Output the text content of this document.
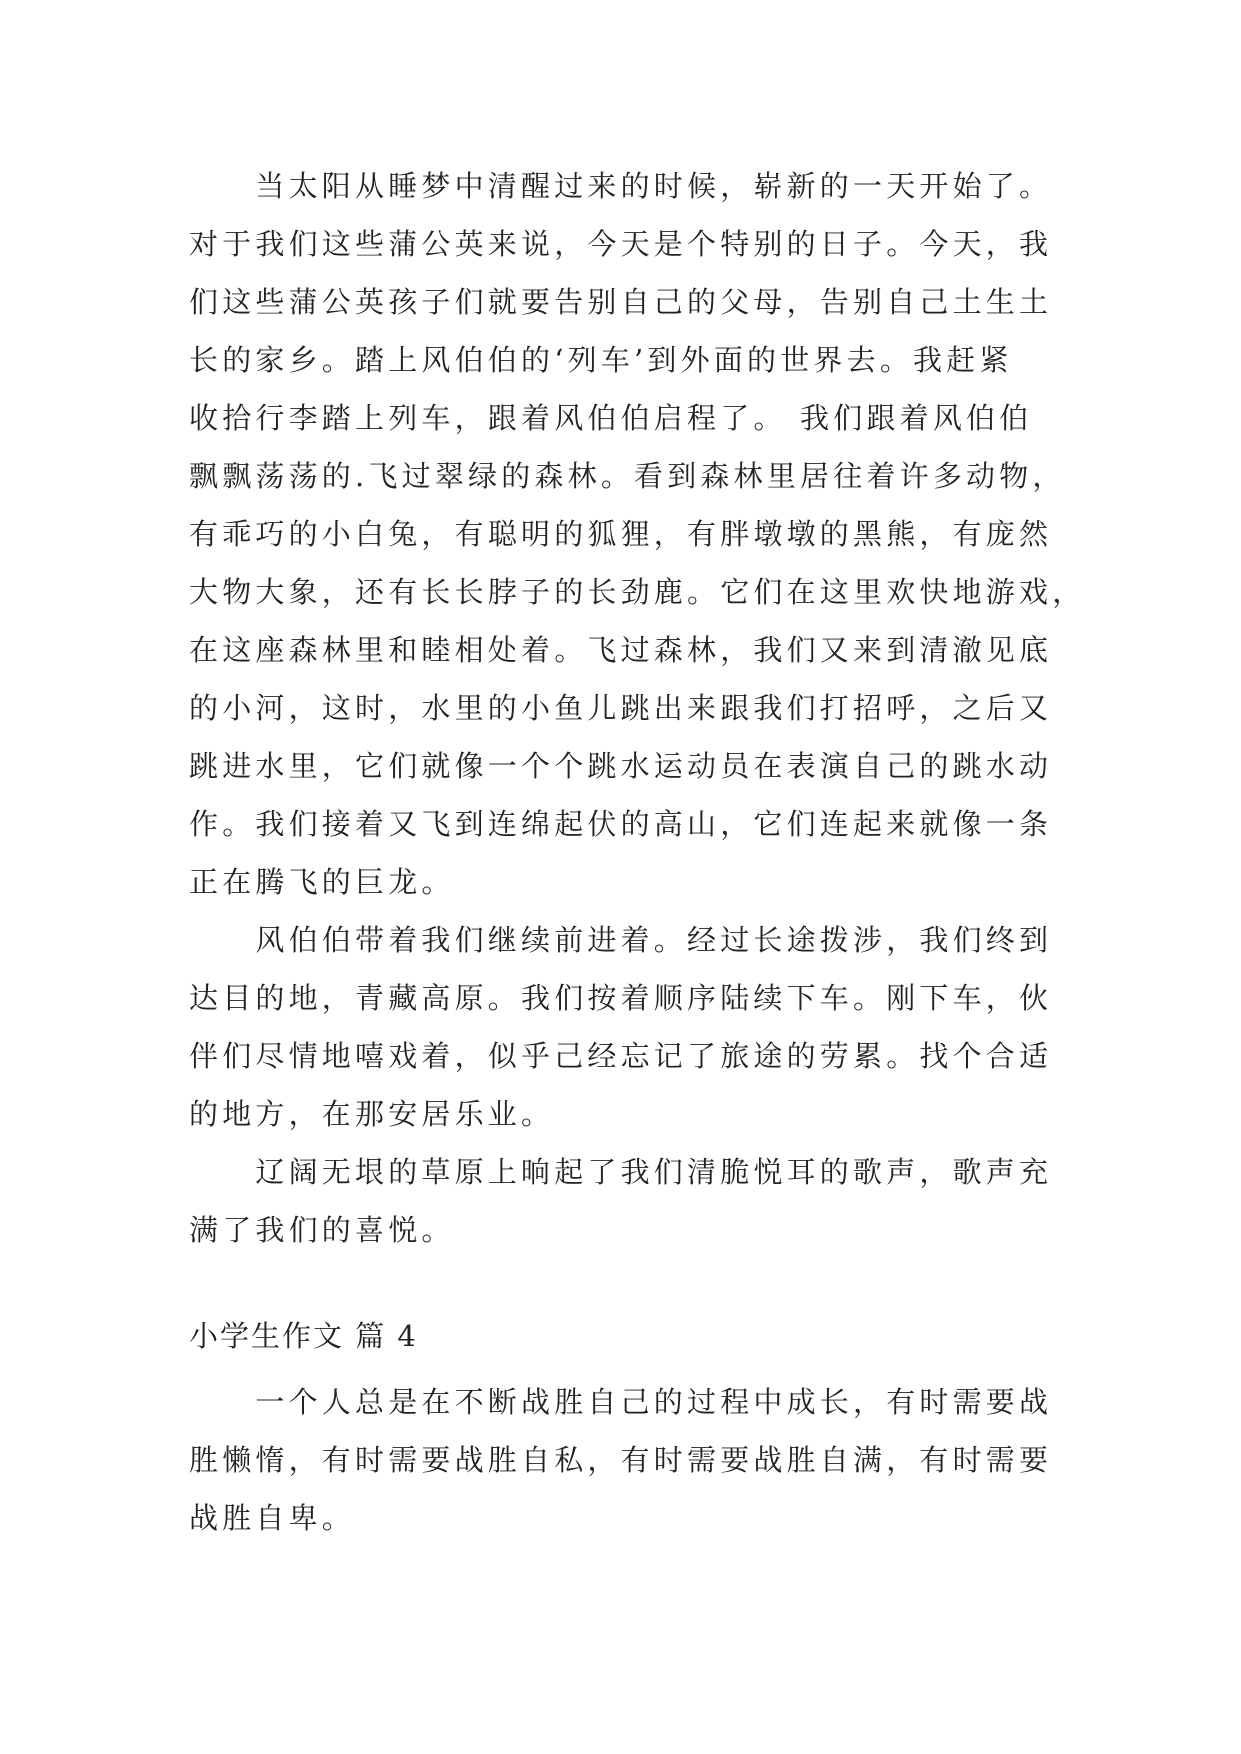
　　当太阳从睡梦中清醒过来的时候，崭新的一天开始了。
对于我们这些蒲公英来说，今天是个特别的日子。今天，我
们这些蒲公英孩子们就要告别自己的父母，告别自己土生土
长的家乡。踏上风伯伯的‘列车’到外面的世界去。我赶紧
收拾行李踏上列车，跟着风伯伯启程了。 我们跟着风伯伯
飘飘荡荡的.飞过翠绿的森林。看到森林里居往着许多动物，
有乖巧的小白兔，有聪明的狐狸，有胖墩墩的黑熊，有庞然
大物大象，还有长长脖子的长劲鹿。它们在这里欢快地游戏，
在这座森林里和睦相处着。飞过森林，我们又来到清澈见底
的小河，这时，水里的小鱼儿跳出来跟我们打招呼，之后又
跳进水里，它们就像一个个跳水运动员在表演自己的跳水动
作。我们接着又飞到连绵起伏的高山，它们连起来就像一条
正在腾飞的巨龙。
　　风伯伯带着我们继续前进着。经过长途拨涉，我们终到
达目的地，青藏高原。我们按着顺序陆续下车。刚下车，伙
伴们尽情地嘻戏着，似乎己经忘记了旅途的劳累。找个合适
的地方，在那安居乐业。
　　辽阔无垠的草原上晌起了我们清脆悦耳的歌声，歌声充
满了我们的喜悦。
小学生作文 篇 4
　　一个人总是在不断战胜自己的过程中成长，有时需要战
胜懒惰，有时需要战胜自私，有时需要战胜自满，有时需要
战胜自卑。
